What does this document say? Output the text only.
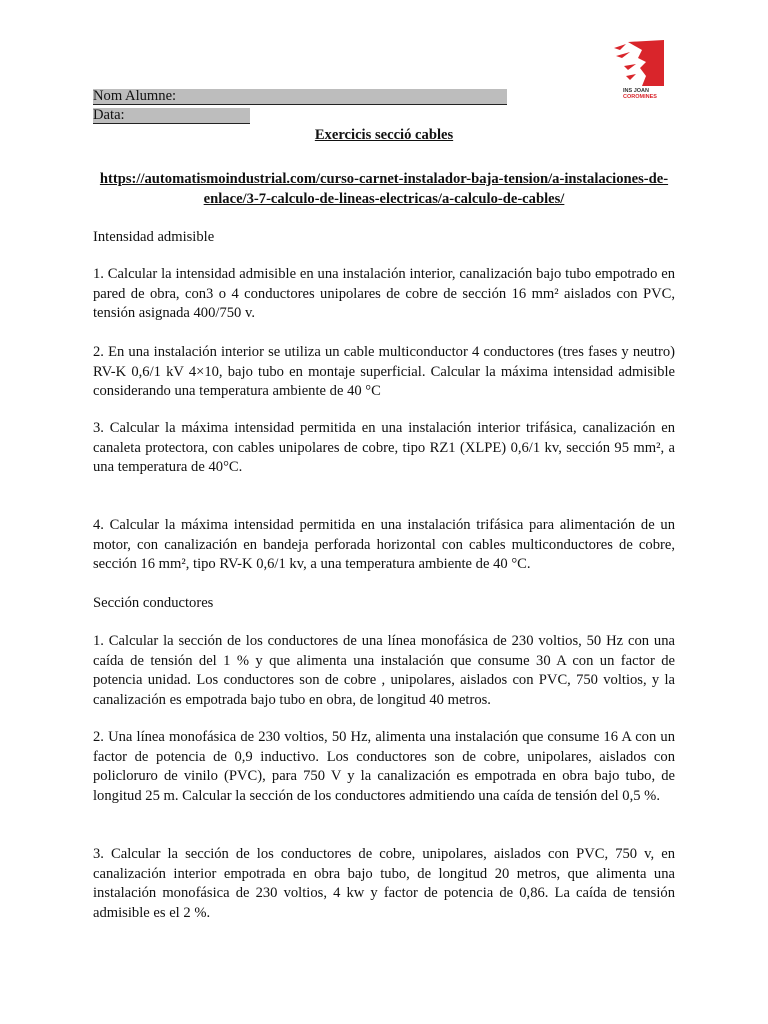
INS JOAN
COROMINES
Nom Alumne:
Data:
Exercicis secció cables
https://automatismoindustrial.com/curso-carnet-instalador-baja-tension/a-instalaciones-de-enlace/3-7-calculo-de-lineas-electricas/a-calculo-de-cables/
Intensidad admisible
1. Calcular la intensidad admisible en una instalación interior, canalización bajo tubo empotrado en pared de obra, con3 o 4 conductores unipolares de cobre de sección 16 mm² aislados con PVC, tensión asignada 400/750 v.
2. En una instalación interior se utiliza un cable multiconductor 4 conductores (tres fases y neutro) RV-K 0,6/1 kV 4×10, bajo tubo en montaje superficial. Calcular la máxima intensidad admisible considerando una temperatura ambiente de 40 °C
3. Calcular la máxima intensidad permitida en una instalación interior trifásica, canalización en canaleta protectora, con cables unipolares de cobre, tipo RZ1 (XLPE) 0,6/1 kv, sección 95 mm², a una temperatura de 40°C.
4. Calcular la máxima intensidad permitida en una instalación trifásica para alimentación de un motor, con canalización en bandeja perforada horizontal con cables multiconductores de cobre, sección 16 mm², tipo RV-K 0,6/1 kv, a una temperatura ambiente de 40 °C.
Sección conductores
1. Calcular la sección de los conductores de una línea monofásica de 230 voltios, 50 Hz con una caída de tensión del 1 % y que alimenta una instalación que consume 30 A con un factor de potencia unidad. Los conductores son de cobre , unipolares, aislados con PVC, 750 voltios, y la canalización es empotrada bajo tubo en obra, de longitud 40 metros.
2. Una línea monofásica de 230 voltios, 50 Hz, alimenta una instalación que consume 16 A con un factor de potencia de 0,9 inductivo. Los conductores son de cobre, unipolares, aislados con policloruro de vinilo (PVC), para 750 V y la canalización es empotrada en obra bajo tubo, de longitud 25 m. Calcular la sección de los conductores admitiendo una caída de tensión del 0,5 %.
3. Calcular la sección de los conductores de cobre, unipolares, aislados con PVC, 750 v, en canalización interior empotrada en obra bajo tubo, de longitud 20 metros, que alimenta una instalación monofásica de 230 voltios, 4 kw y factor de potencia de 0,86. La caída de tensión admisible es el 2 %.
